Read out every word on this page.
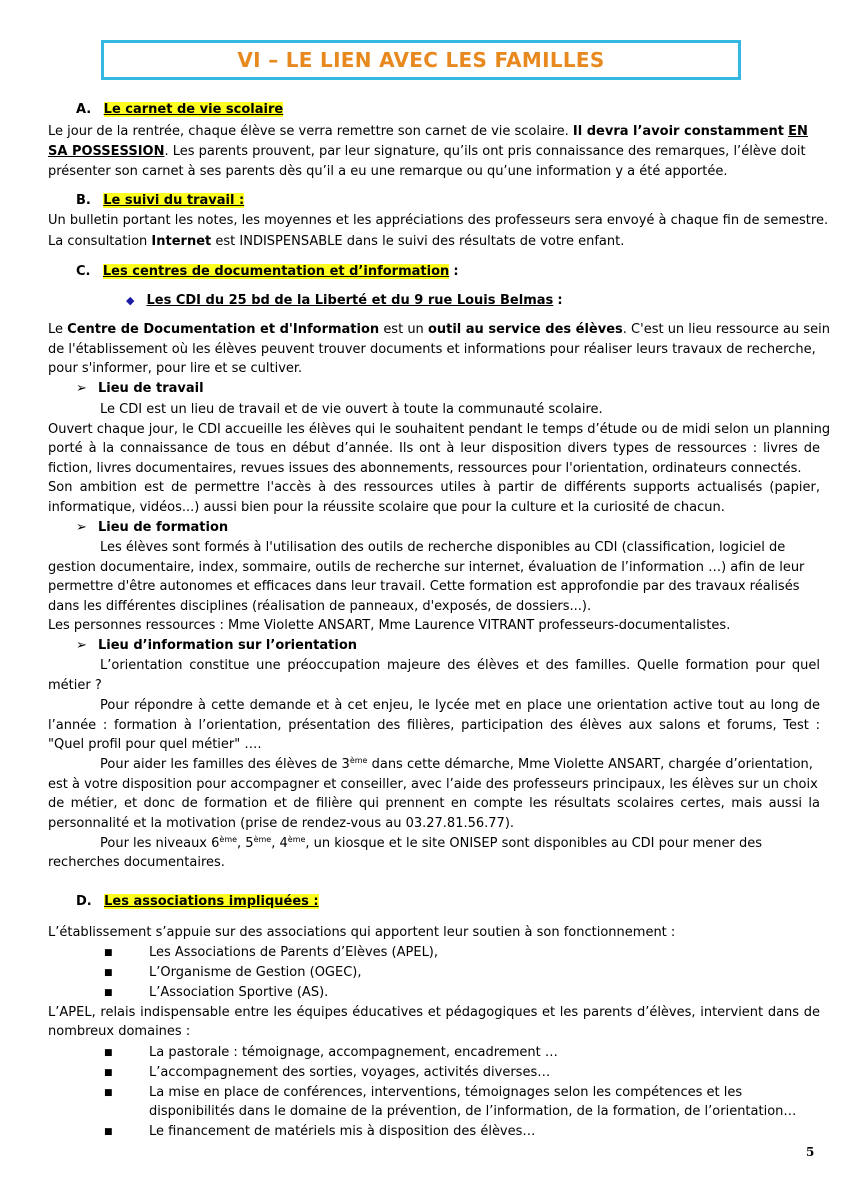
VI – LE LIEN AVEC LES FAMILLES
A. Le carnet de vie scolaire
Le jour de la rentrée, chaque élève se verra remettre son carnet de vie scolaire. Il devra l’avoir constamment EN
SA POSSESSION. Les parents prouvent, par leur signature, qu’ils ont pris connaissance des remarques, l’élève doit
présenter son carnet à ses parents dès qu’il a eu une remarque ou qu’une information y a été apportée.
B. Le suivi du travail :
Un bulletin portant les notes, les moyennes et les appréciations des professeurs sera envoyé à chaque fin de semestre.
La consultation Internet est INDISPENSABLE dans le suivi des résultats de votre enfant.
C. Les centres de documentation et d’information :
◆ Les CDI du 25 bd de la Liberté et du 9 rue Louis Belmas :
Le Centre de Documentation et d'Information est un outil au service des élèves. C'est un lieu ressource au sein
de l'établissement où les élèves peuvent trouver documents et informations pour réaliser leurs travaux de recherche,
pour s'informer, pour lire et se cultiver.
➢ Lieu de travail
Le CDI est un lieu de travail et de vie ouvert à toute la communauté scolaire.
Ouvert chaque jour, le CDI accueille les élèves qui le souhaitent pendant le temps d’étude ou de midi selon un planning
porté à la connaissance de tous en début d’année. Ils ont à leur disposition divers types de ressources : livres de
fiction, livres documentaires, revues issues des abonnements, ressources pour l'orientation, ordinateurs connectés.
Son ambition est de permettre l'accès à des ressources utiles à partir de différents supports actualisés (papier,
informatique, vidéos...) aussi bien pour la réussite scolaire que pour la culture et la curiosité de chacun.
➢ Lieu de formation
Les élèves sont formés à l'utilisation des outils de recherche disponibles au CDI (classification, logiciel de
gestion documentaire, index, sommaire, outils de recherche sur internet, évaluation de l’information …) afin de leur
permettre d'être autonomes et efficaces dans leur travail. Cette formation est approfondie par des travaux réalisés
dans les différentes disciplines (réalisation de panneaux, d'exposés, de dossiers...).
Les personnes ressources : Mme Violette ANSART, Mme Laurence VITRANT professeurs-documentalistes.
➢ Lieu d’information sur l’orientation
L’orientation constitue une préoccupation majeure des élèves et des familles. Quelle formation pour quel
métier ?
Pour répondre à cette demande et à cet enjeu, le lycée met en place une orientation active tout au long de
l’année : formation à l’orientation, présentation des filières, participation des élèves aux salons et forums, Test :
"Quel profil pour quel métier" ….
Pour aider les familles des élèves de 3ème dans cette démarche, Mme Violette ANSART, chargée d’orientation,
est à votre disposition pour accompagner et conseiller, avec l’aide des professeurs principaux, les élèves sur un choix
de métier, et donc de formation et de filière qui prennent en compte les résultats scolaires certes, mais aussi la
personnalité et la motivation (prise de rendez-vous au 03.27.81.56.77).
Pour les niveaux 6ème, 5ème, 4ème, un kiosque et le site ONISEP sont disponibles au CDI pour mener des
recherches documentaires.
D. Les associations impliquées :
L’établissement s’appuie sur des associations qui apportent leur soutien à son fonctionnement :
■	Les Associations de Parents d’Elèves (APEL),
■	L’Organisme de Gestion (OGEC),
■	L’Association Sportive (AS).
L’APEL, relais indispensable entre les équipes éducatives et pédagogiques et les parents d’élèves, intervient dans de
nombreux domaines :
■	La pastorale : témoignage, accompagnement, encadrement …
■	L’accompagnement des sorties, voyages, activités diverses…
■	La mise en place de conférences, interventions, témoignages selon les compétences et les
disponibilités dans le domaine de la prévention, de l’information, de la formation, de l’orientation…
■	Le financement de matériels mis à disposition des élèves…
5
